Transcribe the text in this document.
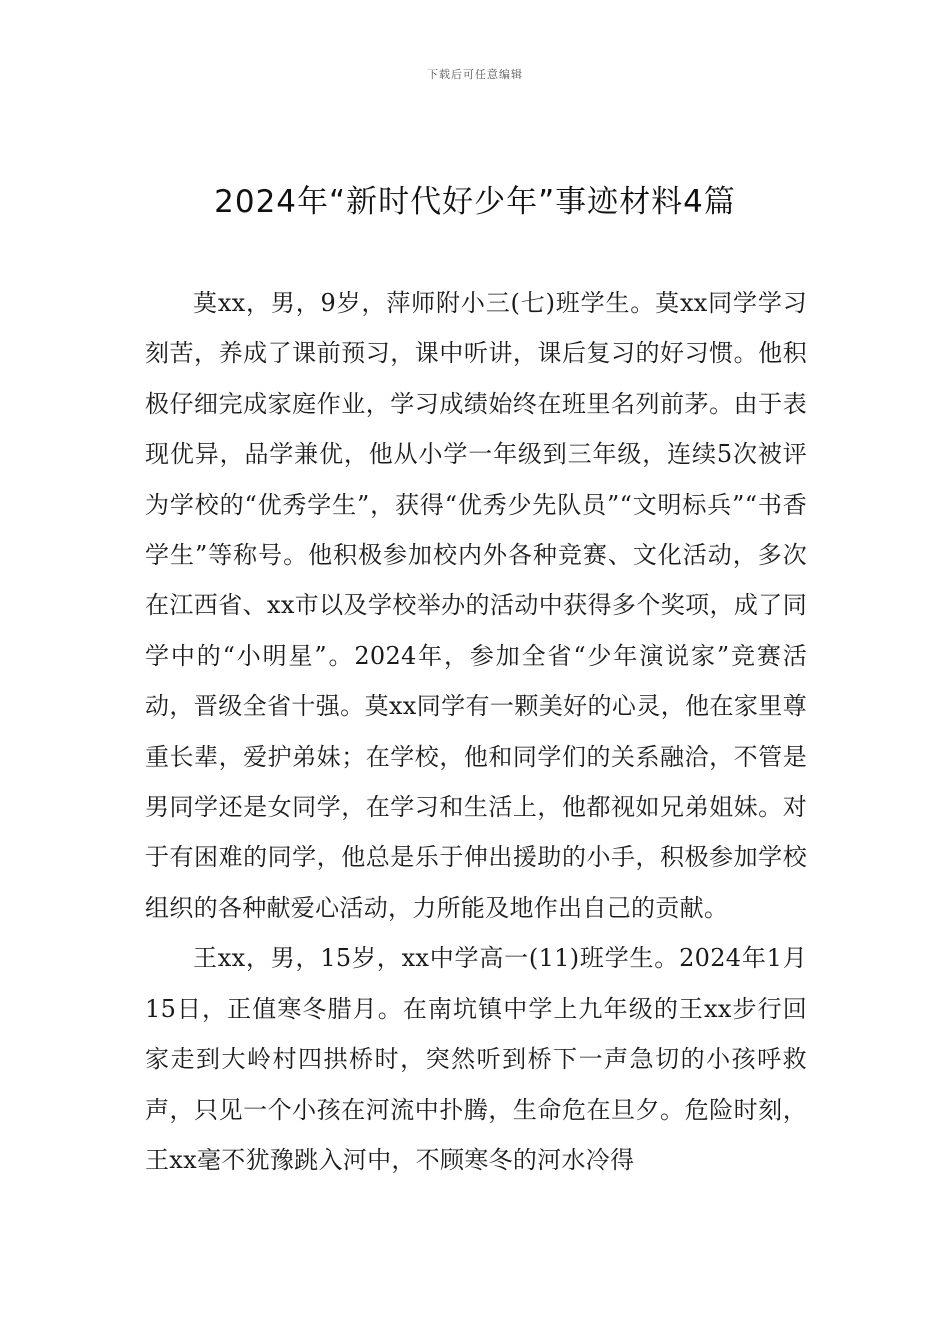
下载后可任意编辑
2024年“新时代好少年”事迹材料4篇

莫xx，男，9岁，萍师附小三(七)班学生。莫xx同学学习刻苦，养成了课前预习，课中听讲，课后复习的好习惯。他积极仔细完成家庭作业，学习成绩始终在班里名列前茅。由于表现优异，品学兼优，他从小学一年级到三年级，连续5次被评为学校的“优秀学生”，获得“优秀少先队员”“文明标兵”“书香学生”等称号。他积极参加校内外各种竞赛、文化活动，多次在江西省、xx市以及学校举办的活动中获得多个奖项，成了同学中的“小明星”。2024年，参加全省“少年演说家”竞赛活动，晋级全省十强。莫xx同学有一颗美好的心灵，他在家里尊重长辈，爱护弟妹；在学校，他和同学们的关系融洽，不管是男同学还是女同学，在学习和生活上，他都视如兄弟姐妹。对于有困难的同学，他总是乐于伸出援助的小手，积极参加学校组织的各种献爱心活动，力所能及地作出自己的贡献。

王xx，男，15岁，xx中学高一(11)班学生。2024年1月15日，正值寒冬腊月。在南坑镇中学上九年级的王xx步行回家走到大岭村四拱桥时，突然听到桥下一声急切的小孩呼救声，只见一个小孩在河流中扑腾，生命危在旦夕。危险时刻，王xx毫不犹豫跳入河中，不顾寒冬的河水冷得
